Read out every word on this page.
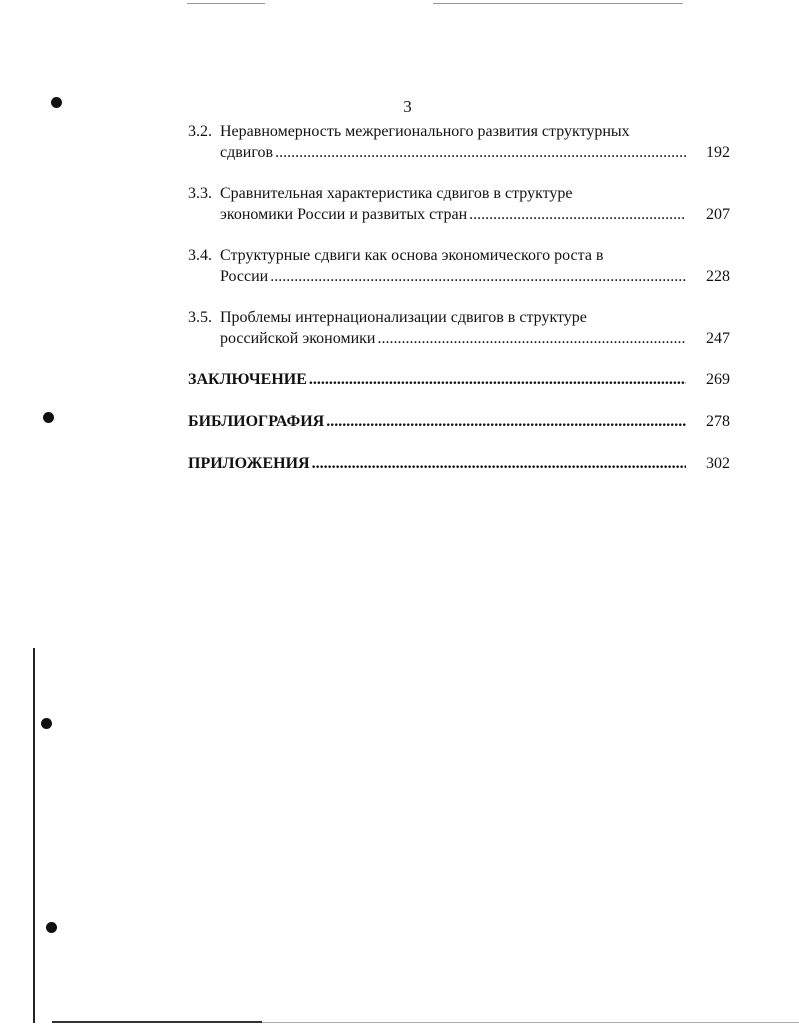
3
3.2. Неравномерность межрегионального развития структурных
сдвигов .....	192
3.3. Сравнительная характеристика сдвигов в структуре
экономики России и развитых стран .....	207
3.4. Структурные сдвиги как основа экономического роста в
России .....	228
3.5. Проблемы интернационализации сдвигов в структуре
российской экономики .....	247
ЗАКЛЮЧЕНИЕ .....	269
БИБЛИОГРАФИЯ .....	278
ПРИЛОЖЕНИЯ .....	302
